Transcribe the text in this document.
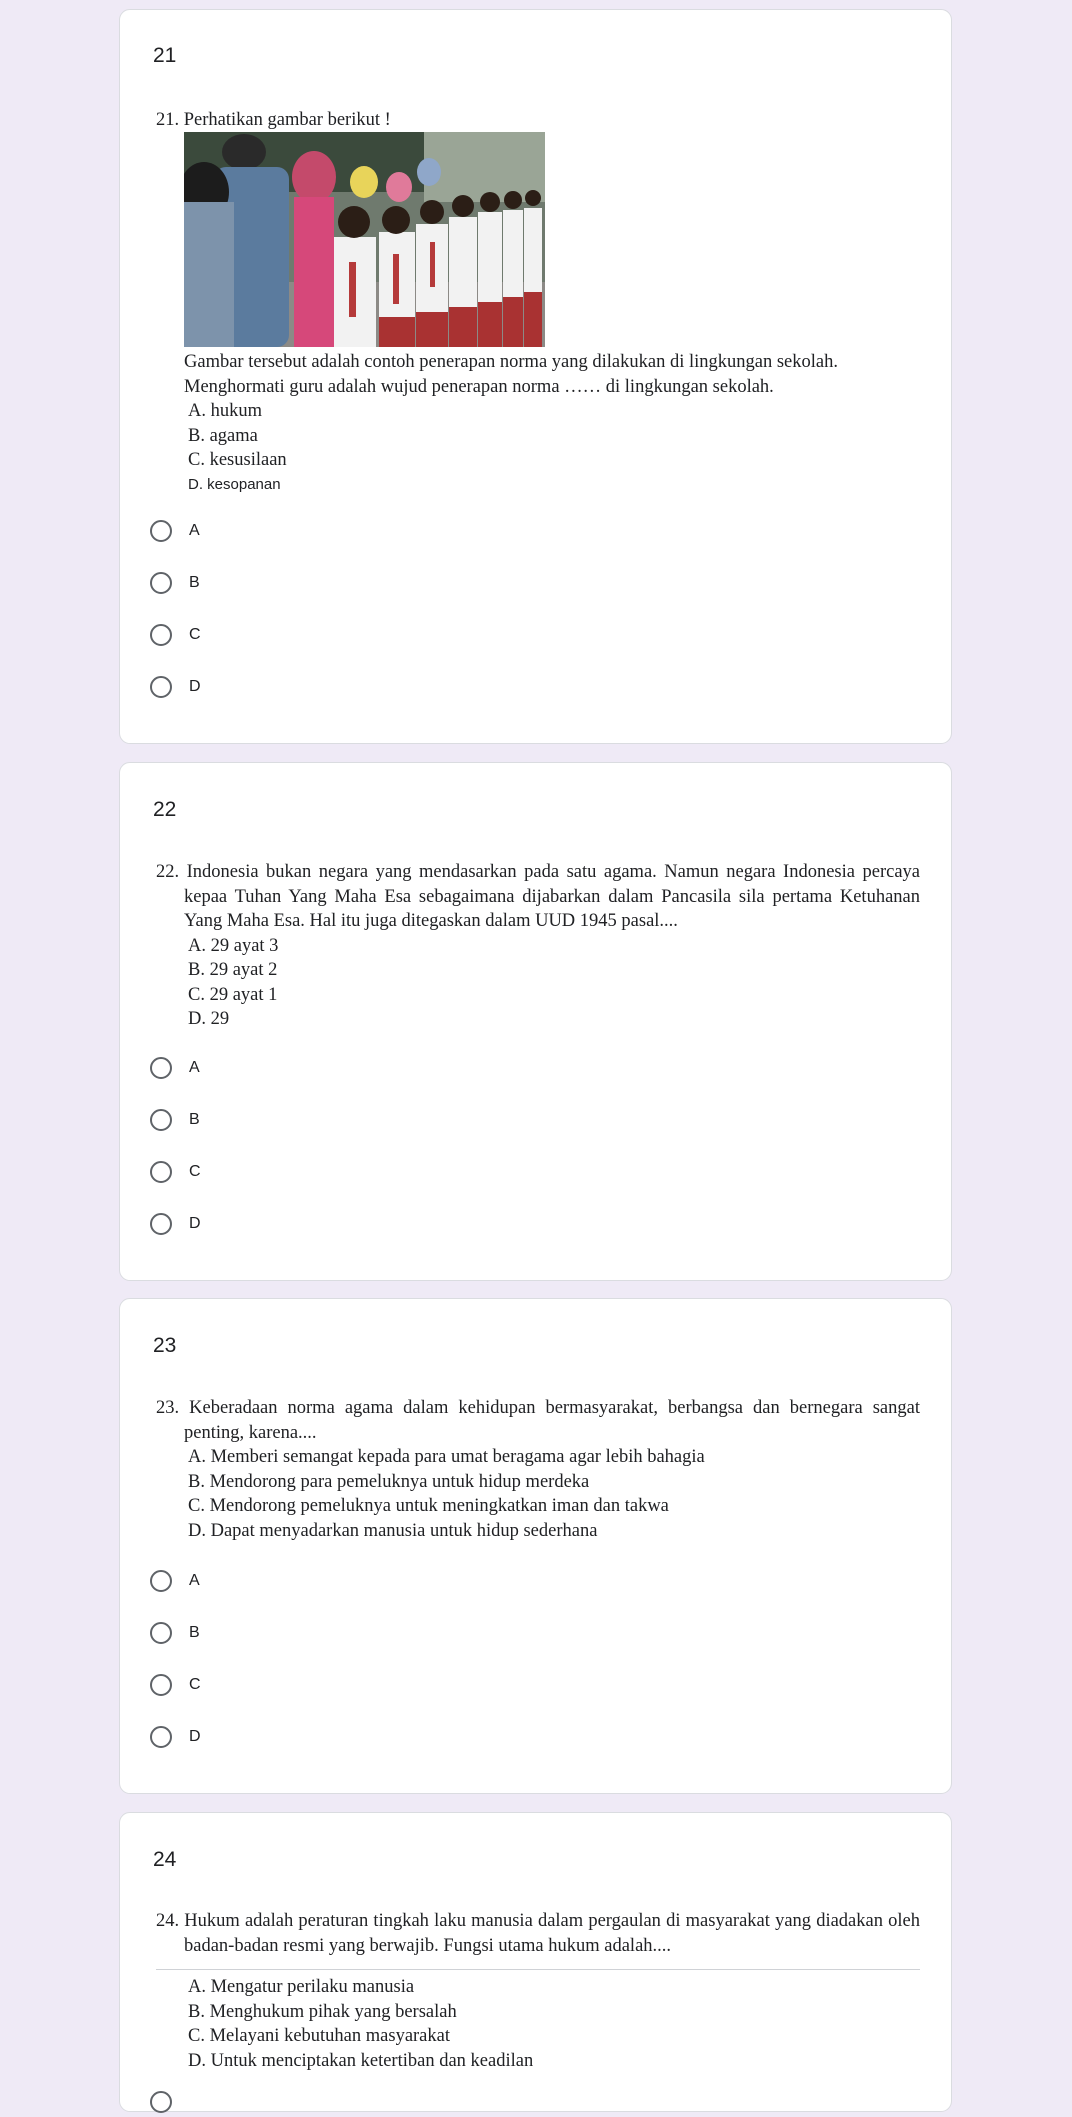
21
21. Perhatikan gambar berikut !
Gambar tersebut adalah contoh penerapan norma yang dilakukan di lingkungan sekolah.
Menghormati guru adalah wujud penerapan norma …… di lingkungan sekolah.
A. hukum
B. agama
C. kesusilaan
D. kesopanan
A
B
C
D
22
22. Indonesia bukan negara yang mendasarkan pada satu agama. Namun negara Indonesia percaya kepaa Tuhan Yang Maha Esa sebagaimana dijabarkan dalam Pancasila sila pertama Ketuhanan Yang Maha Esa. Hal itu juga ditegaskan dalam UUD 1945 pasal....
A. 29 ayat 3
B. 29 ayat 2
C. 29 ayat 1
D. 29
A
B
C
D
23
23. Keberadaan norma agama dalam kehidupan bermasyarakat, berbangsa dan bernegara sangat penting, karena....
A. Memberi semangat kepada para umat beragama agar lebih bahagia
B. Mendorong para pemeluknya untuk hidup merdeka
C. Mendorong pemeluknya untuk meningkatkan iman dan takwa
D. Dapat menyadarkan manusia untuk hidup sederhana
A
B
C
D
24
24. Hukum adalah peraturan tingkah laku manusia dalam pergaulan di masyarakat yang diadakan oleh badan-badan resmi yang berwajib. Fungsi utama hukum adalah....
A. Mengatur perilaku manusia
B. Menghukum pihak yang bersalah
C. Melayani kebutuhan masyarakat
D. Untuk menciptakan ketertiban dan keadilan
